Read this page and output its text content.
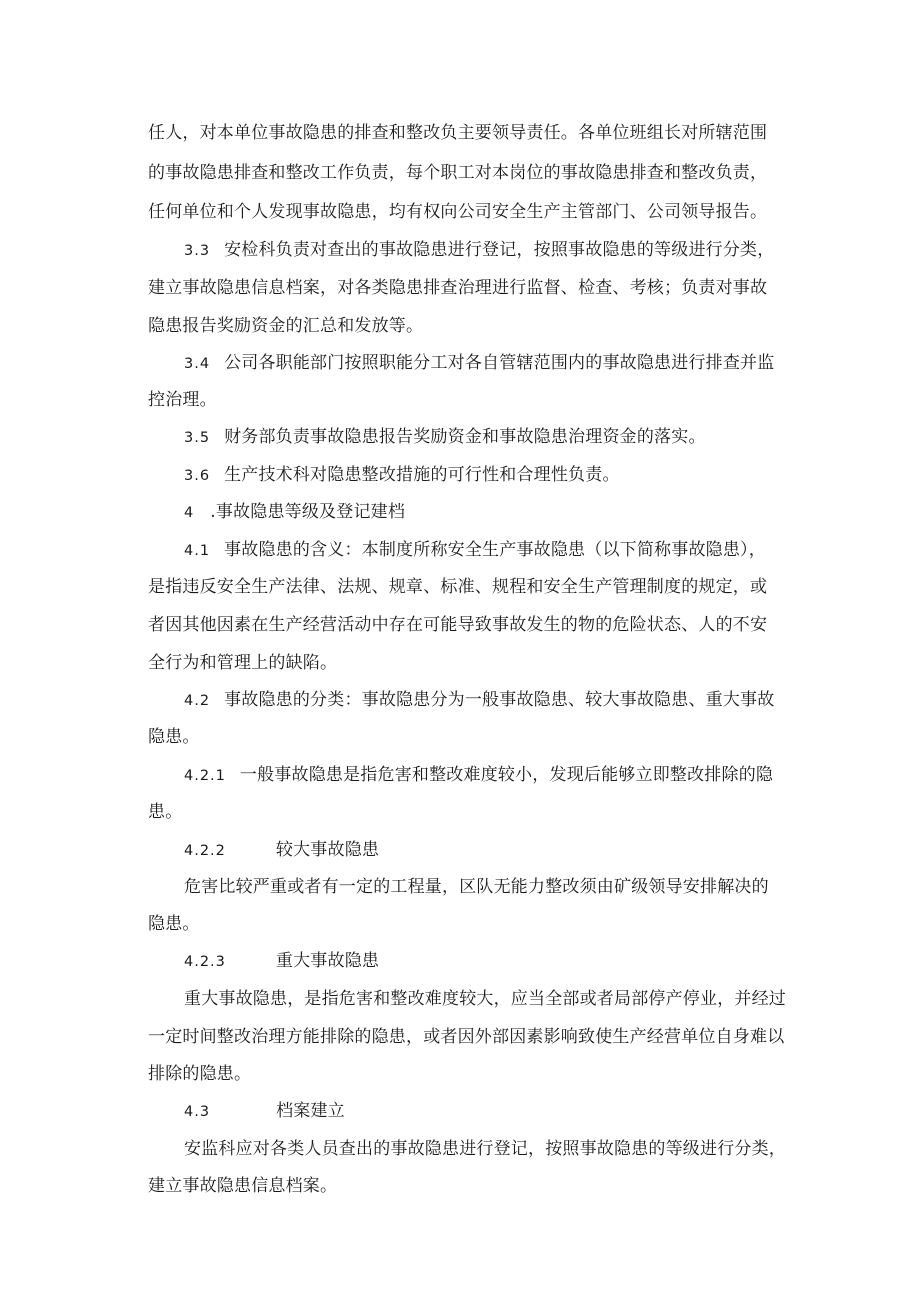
任人，对本单位事故隐患的排查和整改负主要领导责任。各单位班组长对所辖范围
的事故隐患排查和整改工作负责，每个职工对本岗位的事故隐患排查和整改负责，
任何单位和个人发现事故隐患，均有权向公司安全生产主管部门、公司领导报告。
3.3 安检科负责对查出的事故隐患进行登记，按照事故隐患的等级进行分类，
建立事故隐患信息档案，对各类隐患排查治理进行监督、检查、考核；负责对事故
隐患报告奖励资金的汇总和发放等。
3.4 公司各职能部门按照职能分工对各自管辖范围内的事故隐患进行排查并监
控治理。
3.5 财务部负责事故隐患报告奖励资金和事故隐患治理资金的落实。
3.6 生产技术科对隐患整改措施的可行性和合理性负责。
4 .事故隐患等级及登记建档
4.1 事故隐患的含义：本制度所称安全生产事故隐患（以下简称事故隐患），
是指违反安全生产法律、法规、规章、标准、规程和安全生产管理制度的规定，或
者因其他因素在生产经营活动中存在可能导致事故发生的物的危险状态、人的不安
全行为和管理上的缺陷。
4.2 事故隐患的分类：事故隐患分为一般事故隐患、较大事故隐患、重大事故
隐患。
4.2.1 一般事故隐患是指危害和整改难度较小，发现后能够立即整改排除的隐
患。
4.2.2	较大事故隐患
危害比较严重或者有一定的工程量，区队无能力整改须由矿级领导安排解决的
隐患。
4.2.3	重大事故隐患
重大事故隐患，是指危害和整改难度较大，应当全部或者局部停产停业，并经过
一定时间整改治理方能排除的隐患，或者因外部因素影响致使生产经营单位自身难以
排除的隐患。
4.3	档案建立
安监科应对各类人员查出的事故隐患进行登记，按照事故隐患的等级进行分类，
建立事故隐患信息档案。
